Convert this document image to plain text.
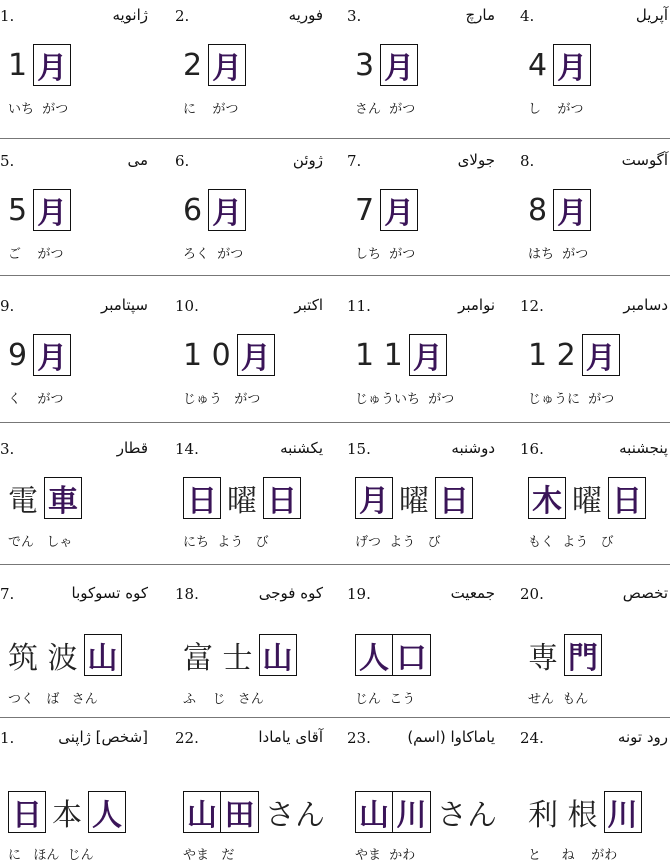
1.	ژانویه
1 月
いち  がつ
2.	فوریه
2 月
に    がつ
3.	مارچ
3 月
さん  がつ
4.	آپریل
4 月
し    がつ
5.	می
5 月
ご    がつ
6.	ژوئن
6 月
ろく  がつ
7.	جولای
7 月
しち  がつ
8.	آگوست
8 月
はち  がつ
9.	سپتامبر
9 月
く    がつ
10.	اکتبر
1 0 月
じゅう   がつ
11.	نوامبر
1 1 月
じゅういち  がつ
12.	دسامبر
1 2 月
じゅうに  がつ
3.	قطار
電 車
でん   しゃ
14.	یکشنبه
日 曜 日
にち  よう   び
15.	دوشنبه
月 曜 日
げつ  よう   び
16.	پنجشنبه
木 曜 日
もく  よう   び
7.	کوه تسوکوبا
筑 波 山
つく   ば   さん
18.	کوه فوجی
富 士 山
ふ    じ   さん
19.	جمعیت
人 口
じん  こう
20.	تخصص
専 門
せん  もん
1.	[شخص] ژاپنی
日 本 人
に   ほん  じん
22.	آقای یامادا
山 田 さん
やま   だ
23. یاماکاوا (اسم)
山 川 さん
やま  かわ
24.	رود تونه
利 根 川
と     ね    がわ
